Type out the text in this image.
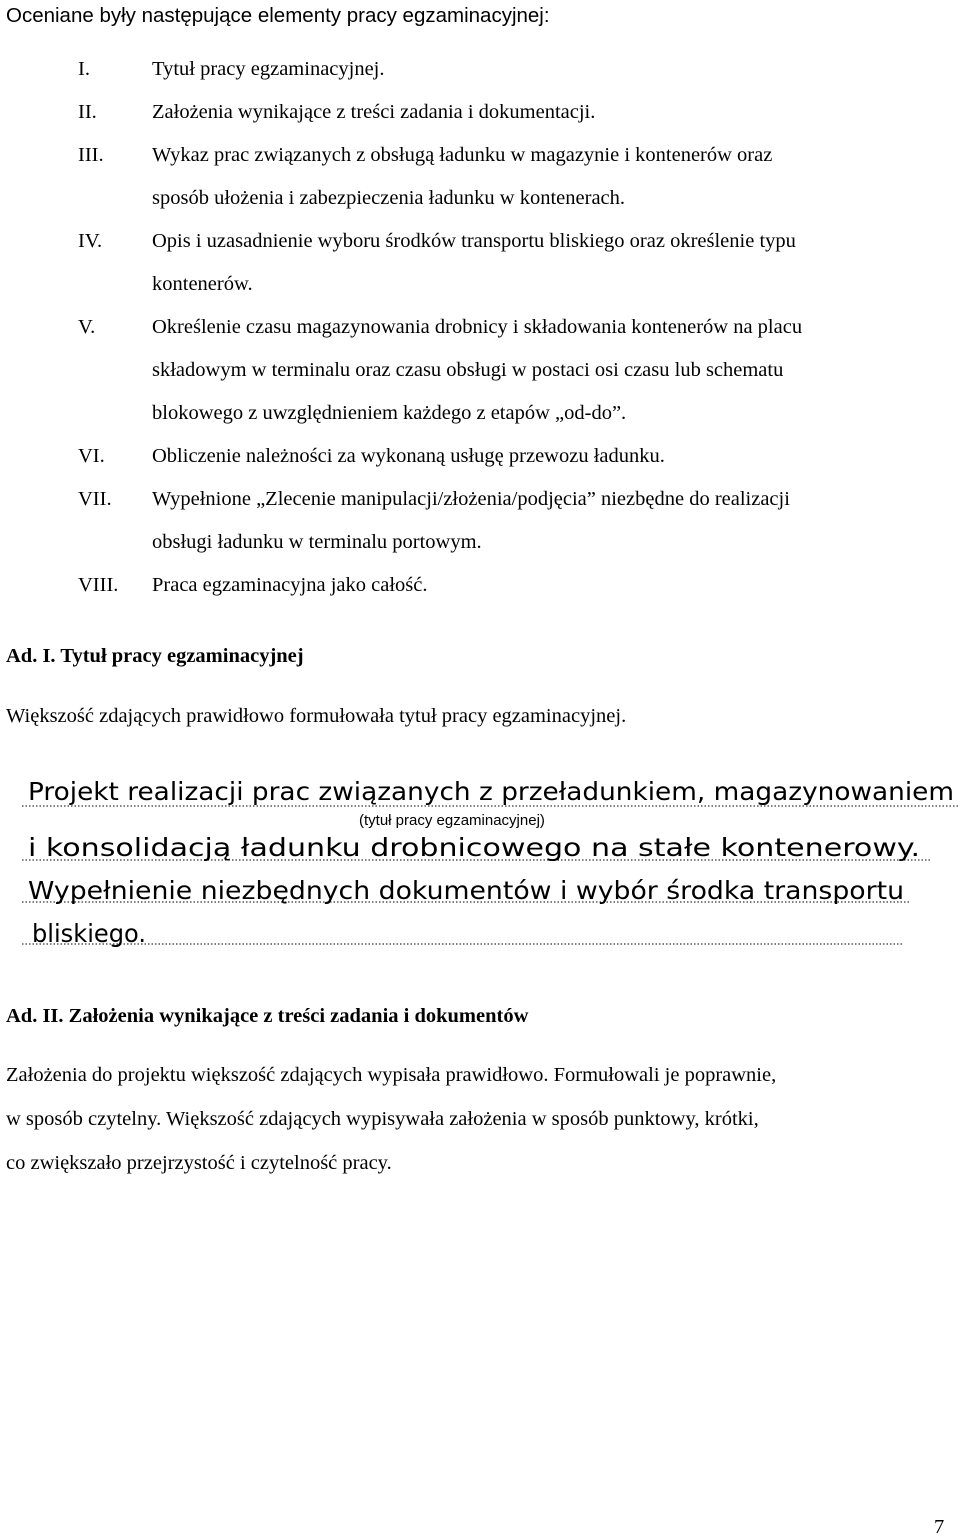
Oceniane były następujące elementy pracy egzaminacyjnej:
I.	Tytuł pracy egzaminacyjnej.
II.	Założenia wynikające z treści zadania i dokumentacji.
III. Wykaz prac związanych z obsługą ładunku w magazynie i kontenerów oraz
sposób ułożenia i zabezpieczenia ładunku w kontenerach.
IV. Opis i uzasadnienie wyboru środków transportu bliskiego oraz określenie typu
kontenerów.
V.	Określenie czasu magazynowania drobnicy i składowania kontenerów na placu
składowym w terminalu oraz czasu obsługi w postaci osi czasu lub schematu
blokowego z uwzględnieniem każdego z etapów „od-do”.
VI. Obliczenie należności za wykonaną usługę przewozu ładunku.
VII. Wypełnione „Zlecenie manipulacji/złożenia/podjęcia” niezbędne do realizacji
obsługi ładunku w terminalu portowym.
VIII. Praca egzaminacyjna jako całość.
Ad. I. Tytuł pracy egzaminacyjnej
Większość zdających prawidłowo formułowała tytuł pracy egzaminacyjnej.
Projekt realizacji prac związanych z przeładunkiem, magazynowaniem
i konsolidacją ładunku drobnicowego na stałe kontenerowy.
Wypełnienie niezbędnych dokumentów i wybór środka transportu
bliskiego.
(tytuł pracy egzaminacyjnej)
Ad. II. Założenia wynikające z treści zadania i dokumentów
Założenia do projektu większość zdających wypisała prawidłowo. Formułowali je poprawnie,
w sposób czytelny. Większość zdających wypisywała założenia w sposób punktowy, krótki,
co zwiększało przejrzystość i czytelność pracy.
7
